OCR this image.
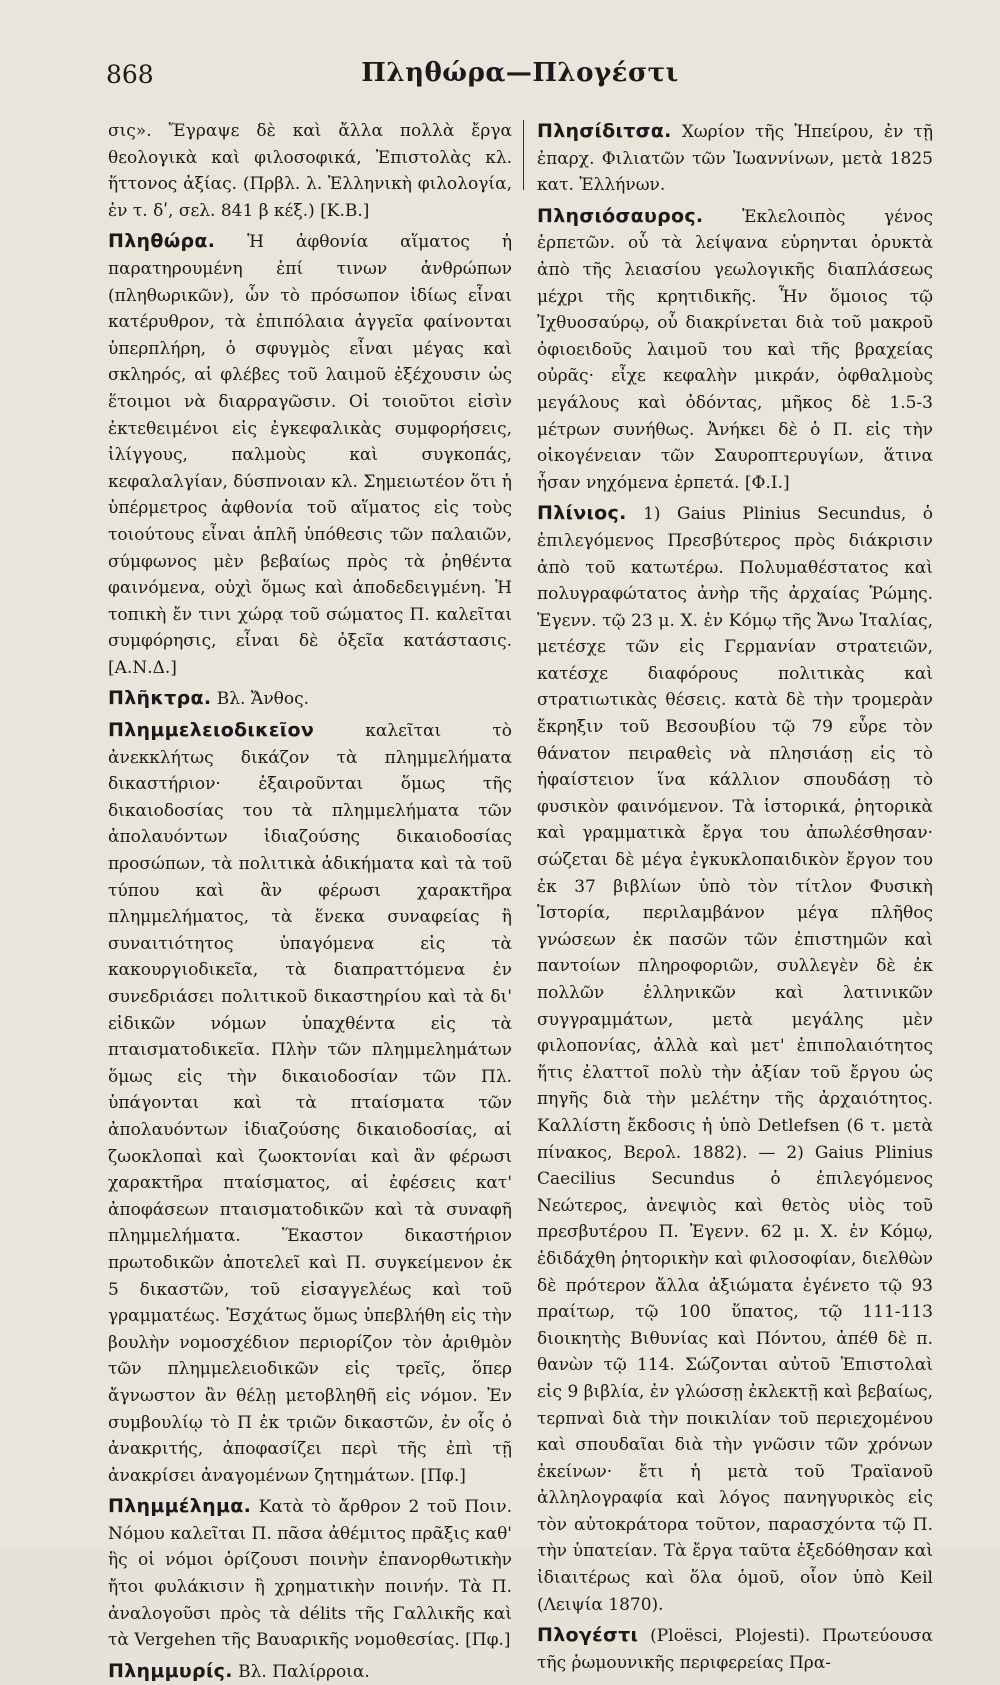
868	Πληθώρα—Πλογέστι

σις». Ἔγραψε δὲ καὶ ἄλλα πολλὰ ἔργα θεολογικὰ καὶ φιλοσοφικά, Ἐπιστολὰς κλ. ἥττονος ἀξίας. (Πρβλ. λ. Ἑλληνικὴ φιλολογία, ἐν τ. δʹ, σελ. 841 β κέξ.) [Κ.Β.]

Πληθώρα. Ἡ ἀφθονία αἵματος ἡ παρατηρουμένη ἐπί τινων ἀνθρώπων (πληθωρικῶν), ὧν τὸ πρόσωπον ἰδίως εἶναι κατέρυθρον, τὰ ἐπιπόλαια ἀγγεῖα φαίνονται ὑπερπλήρη, ὁ σφυγμὸς εἶναι μέγας καὶ σκληρός, αἱ φλέβες τοῦ λαιμοῦ ἐξέχουσιν ὡς ἕτοιμοι νὰ διαρραγῶσιν. Οἱ τοιοῦτοι εἰσὶν ἐκτεθειμένοι εἰς ἐγκεφαλικὰς συμφορήσεις, ἰλίγγους, παλμοὺς καὶ συγκοπάς, κεφαλαλγίαν, δύσπνοιαν κλ. Σημειωτέον ὅτι ἡ ὑπέρμετρος ἀφθονία τοῦ αἵματος εἰς τοὺς τοιούτους εἶναι ἁπλῆ ὑπόθεσις τῶν παλαιῶν, σύμφωνος μὲν βεβαίως πρὸς τὰ ῥηθέντα φαινόμενα, οὐχὶ ὅμως καὶ ἀποδεδειγμένη. Ἡ τοπικὴ ἔν τινι χώρᾳ τοῦ σώματος Π. καλεῖται συμφόρησις, εἶναι δὲ ὀξεῖα κατάστασις. [Α.Ν.Δ.]

Πλῆκτρα. Βλ. Ἄνθος.

Πλημμελειοδικεῖον	καλεῖται τὸ ἀνεκκλήτως δικάζον τὰ πλημμελήματα δικαστήριον· ἐξαιροῦνται ὅμως τῆς δικαιοδοσίας του τὰ πλημμελήματα τῶν ἀπολαυόντων ἰδιαζούσης δικαιοδοσίας προσώπων, τὰ πολιτικὰ ἀδικήματα καὶ τὰ τοῦ τύπου καὶ ἂν φέρωσι χαρακτῆρα πλημμελήματος, τὰ ἕνεκα συναφείας ἢ συναιτιότητος ὑπαγόμενα εἰς τὰ κακουργιοδικεῖα, τὰ διαπραττόμενα ἐν συνεδριάσει πολιτικοῦ δικαστηρίου καὶ τὰ δι' εἰδικῶν νόμων ὑπαχθέντα εἰς τὰ πταισματοδικεῖα. Πλὴν τῶν πλημμελημάτων ὅμως εἰς τὴν δικαιοδοσίαν τῶν Πλ. ὑπάγονται καὶ τὰ πταίσματα τῶν ἀπολαυόντων ἰδιαζούσης δικαιοδοσίας, αἱ ζωοκλοπαὶ καὶ ζωοκτονίαι καὶ ἂν φέρωσι χαρακτῆρα πταίσματος, αἱ ἐφέσεις κατ' ἀποφάσεων πταισματοδικῶν καὶ τὰ συναφῆ πλημμελήματα. Ἕκαστον δικαστήριον πρωτοδικῶν ἀποτελεῖ καὶ Π. συγκείμενον ἐκ 5 δικαστῶν, τοῦ εἰσαγγελέως καὶ τοῦ γραμματέως. Ἐσχάτως ὅμως ὑπεβλήθη εἰς τὴν βουλὴν νομοσχέδιον περιορίζον τὸν ἀριθμὸν τῶν πλημμελειοδικῶν εἰς τρεῖς, ὅπερ ἄγνωστον ἂν θέλῃ μετοβληθῆ εἰς νόμον. Ἐν συμβουλίῳ τὸ Π ἐκ τριῶν δικαστῶν, ἐν οἷς ὁ ἀνακριτής, ἀποφασίζει περὶ τῆς ἐπὶ τῇ ἀνακρίσει ἀναγομένων ζητημάτων. [Πφ.]

Πλημμέλημα. Κατὰ τὸ ἄρθρον 2 τοῦ Ποιν. Νόμου καλεῖται Π. πᾶσα ἀθέμιτος πρᾶξις καθ' ἣς οἱ νόμοι ὁρίζουσι ποινὴν ἐπανορθωτικὴν ἤτοι φυλάκισιν ἢ χρηματικὴν ποινήν. Τὰ Π. ἀναλογοῦσι πρὸς τὰ délits τῆς Γαλλικῆς καὶ τὰ Vergehen τῆς Βαυαρικῆς νομοθεσίας. [Πφ.]

Πλημμυρίς. Βλ. Παλίρροια.

Πλησίδιτσα. Χωρίον τῆς Ἠπείρου, ἐν τῇ ἐπαρχ. Φιλιατῶν τῶν Ἰωαννίνων, μετὰ 1825 κατ. Ἑλλήνων.

Πλησιόσαυρος. Ἐκλελοιπὸς γένος ἑρπετῶν. οὗ τὰ λείψανα εὑρηνται ὀρυκτὰ ἀπὸ τῆς λειασίου γεωλογικῆς διαπλάσεως μέχρι τῆς κρητιδικῆς. Ἦν ὅμοιος τῷ Ἰχθυοσαύρῳ, οὗ διακρίνεται διὰ τοῦ μακροῦ ὀφιοειδοῦς λαιμοῦ του καὶ τῆς βραχείας οὐρᾶς· εἶχε κεφαλὴν μικράν, ὀφθαλμοὺς μεγάλους καὶ ὀδόντας, μῆκος δὲ 1.5-3 μέτρων συνήθως. Ἀνήκει δὲ ὁ Π. εἰς τὴν οἰκογένειαν τῶν Σαυροπτερυγίων, ἅτινα ἦσαν νηχόμενα ἑρπετά. [Φ.Ι.]

Πλίνιος. 1) Gaius Plinius Secundus, ὁ ἐπιλεγόμενος Πρεσβύτερος πρὸς διάκρισιν ἀπὸ τοῦ κατωτέρω. Πολυμαθέστατος καὶ πολυγραφώτατος ἀνὴρ τῆς ἀρχαίας Ῥώμης. Ἐγενν. τῷ 23 μ. Χ. ἐν Κόμῳ τῆς Ἄνω Ἰταλίας, μετέσχε τῶν εἰς Γερμανίαν στρατειῶν, κατέσχε διαφόρους πολιτικὰς καὶ στρατιωτικὰς θέσεις. κατὰ δὲ τὴν τρομερὰν ἔκρηξιν τοῦ Βεσουβίου τῷ 79 εὗρε τὸν θάνατον πειραθεὶς νὰ πλησιάσῃ εἰς τὸ ἡφαίστειον ἵνα κάλλιον σπουδάσῃ τὸ φυσικὸν φαινόμενον. Τὰ ἱστορικά, ῥητορικὰ καὶ γραμματικὰ ἔργα του ἀπωλέσθησαν· σώζεται δὲ μέγα ἐγκυκλοπαιδικὸν ἔργον του ἐκ 37 βιβλίων ὑπὸ τὸν τίτλον Φυσικὴ Ἱστορία, περιλαμβάνον μέγα πλῆθος γνώσεων ἐκ πασῶν τῶν ἐπιστημῶν καὶ παντοίων πληροφοριῶν, συλλεγὲν δὲ ἐκ πολλῶν ἑλληνικῶν καὶ λατινικῶν συγγραμμάτων, μετὰ μεγάλης μὲν φιλοπονίας, ἀλλὰ καὶ μετ' ἐπιπολαιότητος ἥτις ἐλαττοῖ πολὺ τὴν ἀξίαν τοῦ ἔργου ὡς πηγῆς διὰ τὴν μελέτην τῆς ἀρχαιότητος. Καλλίστη ἔκδοσις ἡ ὑπὸ Detlefsen (6 τ. μετὰ πίνακος, Βερολ. 1882). — 2) Gaius Plinius Caecilius Secundus ὁ ἐπιλεγόμενος Νεώτερος, ἀνεψιὸς καὶ θετὸς υἱὸς τοῦ πρεσβυτέρου Π. Ἐγενν. 62 μ. Χ. ἐν Κόμῳ, ἐδιδάχθη ῥητορικὴν καὶ φιλοσοφίαν, διελθὼν δὲ πρότερον ἄλλα ἀξιώματα ἐγένετο τῷ 93 πραίτωρ, τῷ 100 ὕπατος, τῷ 111-113 διοικητὴς Βιθυνίας καὶ Πόντου, ἀπέθ δὲ π. θανὼν τῷ 114. Σώζονται αὐτοῦ Ἐπιστολαὶ εἰς 9 βιβλία, ἐν γλώσσῃ ἐκλεκτῇ καὶ βεβαίως, τερπναὶ διὰ τὴν ποικιλίαν τοῦ περιεχομένου καὶ σπουδαῖαι διὰ τὴν γνῶσιν τῶν χρόνων ἐκείνων· ἔτι ἡ μετὰ τοῦ Τραϊανοῦ ἀλληλογραφία καὶ λόγος πανηγυρικὸς εἰς τὸν αὐτοκράτορα τοῦτον, παρασχόντα τῷ Π. τὴν ὑπατείαν. Τὰ ἔργα ταῦτα ἐξεδόθησαν καὶ ἰδιαιτέρως καὶ ὅλα ὁμοῦ, οἷον ὑπὸ Keil (Λειψία 1870).

Πλογέστι (Ploësci, Plojesti). Πρωτεύουσα τῆς ῥωμουνικῆς περιφερείας Πρα-
